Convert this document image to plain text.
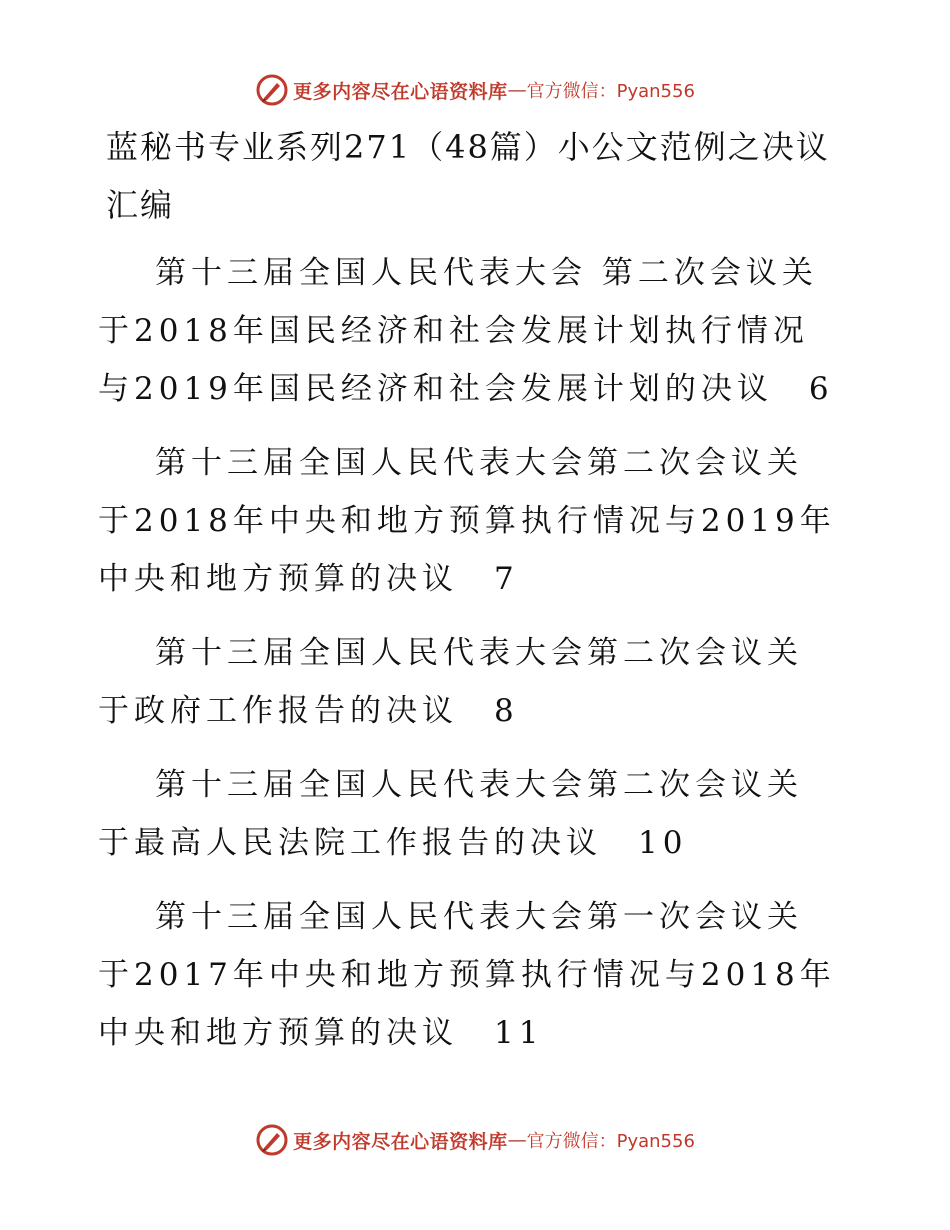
更多内容尽在心语资料库 — 官方微信：Pyan556
蓝秘书专业系列271（48篇）小公文范例之决议汇编

第十三届全国人民代表大会 第二次会议关于2018年国民经济和社会发展计划执行情况与2019年国民经济和社会发展计划的决议 6

第十三届全国人民代表大会第二次会议关于2018年中央和地方预算执行情况与2019年中央和地方预算的决议 7

第十三届全国人民代表大会第二次会议关于政府工作报告的决议 8

第十三届全国人民代表大会第二次会议关于最高人民法院工作报告的决议 10

第十三届全国人民代表大会第一次会议关于2017年中央和地方预算执行情况与2018年中央和地方预算的决议 11

更多内容尽在心语资料库 — 官方微信：Pyan556
